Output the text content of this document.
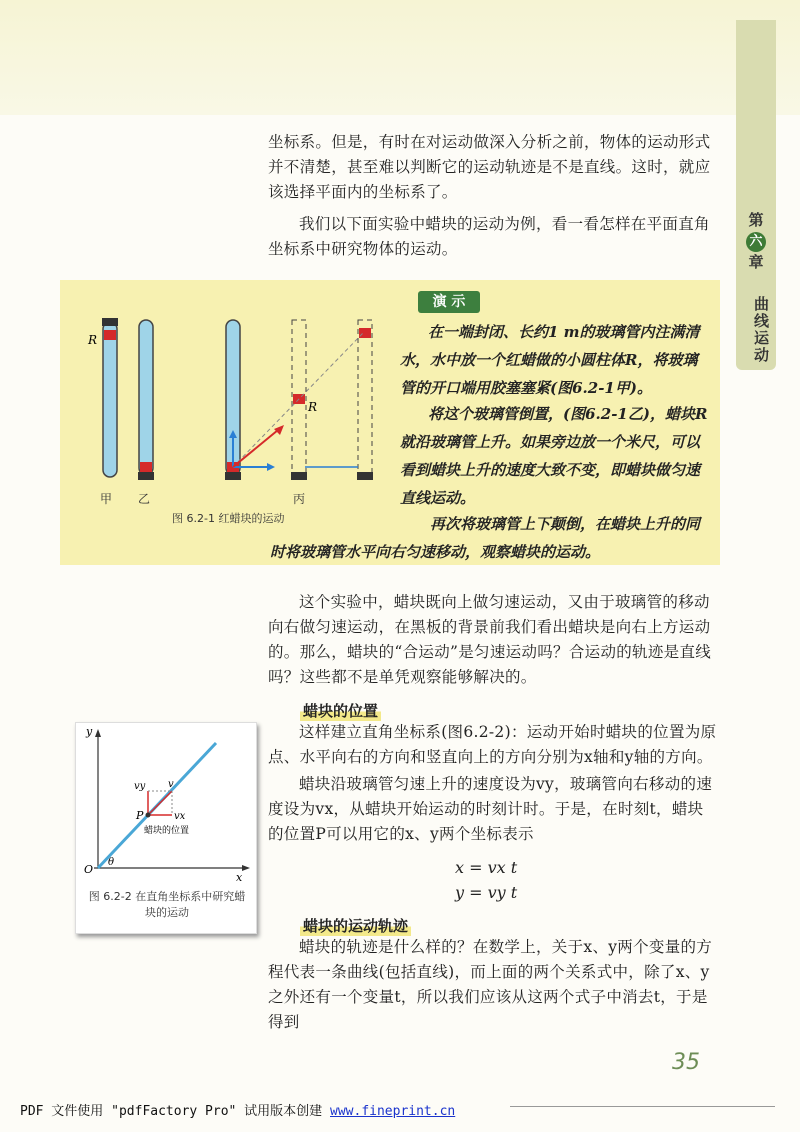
第
六
章
曲线运动

坐标系。但是，有时在对运动做深入分析之前，物体的运动形式并不清楚，甚至难以判断它的运动轨迹是不是直线。这时，就应该选择平面内的坐标系了。

我们以下面实验中蜡块的运动为例，看一看怎样在平面直角坐标系中研究物体的运动。

演 示
R
R
甲 乙	丙
图 6.2-1 红蜡块的运动

在一端封闭、长约1 m的玻璃管内注满清水，水中放一个红蜡做的小圆柱体R，将玻璃管的开口端用胶塞塞紧(图6.2-1甲)。

将这个玻璃管倒置，(图6.2-1乙)，蜡块R就沿玻璃管上升。如果旁边放一个米尺，可以看到蜡块上升的速度大致不变，即蜡块做匀速直线运动。

再次将玻璃管上下颠倒，在蜡块上升的同时将玻璃管水平向右匀速移动，观察蜡块的运动。

这个实验中，蜡块既向上做匀速运动，又由于玻璃管的移动向右做匀速运动，在黑板的背景前我们看出蜡块是向右上方运动的。那么，蜡块的“合运动”是匀速运动吗？合运动的轨迹是直线吗？这些都不是单凭观察能够解决的。

蜡块的位置

这样建立直角坐标系(图6.2-2)：运动开始时蜡块的位置为原点、水平向右的方向和竖直向上的方向分别为x轴和y轴的方向。

蜡块沿玻璃管匀速上升的速度设为vy，玻璃管向右移动的速度设为vx，从蜡块开始运动的时刻计时。于是，在时刻t，蜡块的位置P可以用它的x、y两个坐标表示

x = vx t
y = vy t
y
x
O
P
v
vy
vx
θ
蜡块的位置
图 6.2-2 在直角坐标系中研究蜡块的运动
蜡块的运动轨迹

蜡块的轨迹是什么样的？在数学上，关于x、y两个变量的方程代表一条曲线(包括直线)，而上面的两个关系式中，除了x、y之外还有一个变量t，所以我们应该从这两个式子中消去t，于是得到

35
PDF 文件使用 "pdfFactory Pro" 试用版本创建 www.fineprint.cn
